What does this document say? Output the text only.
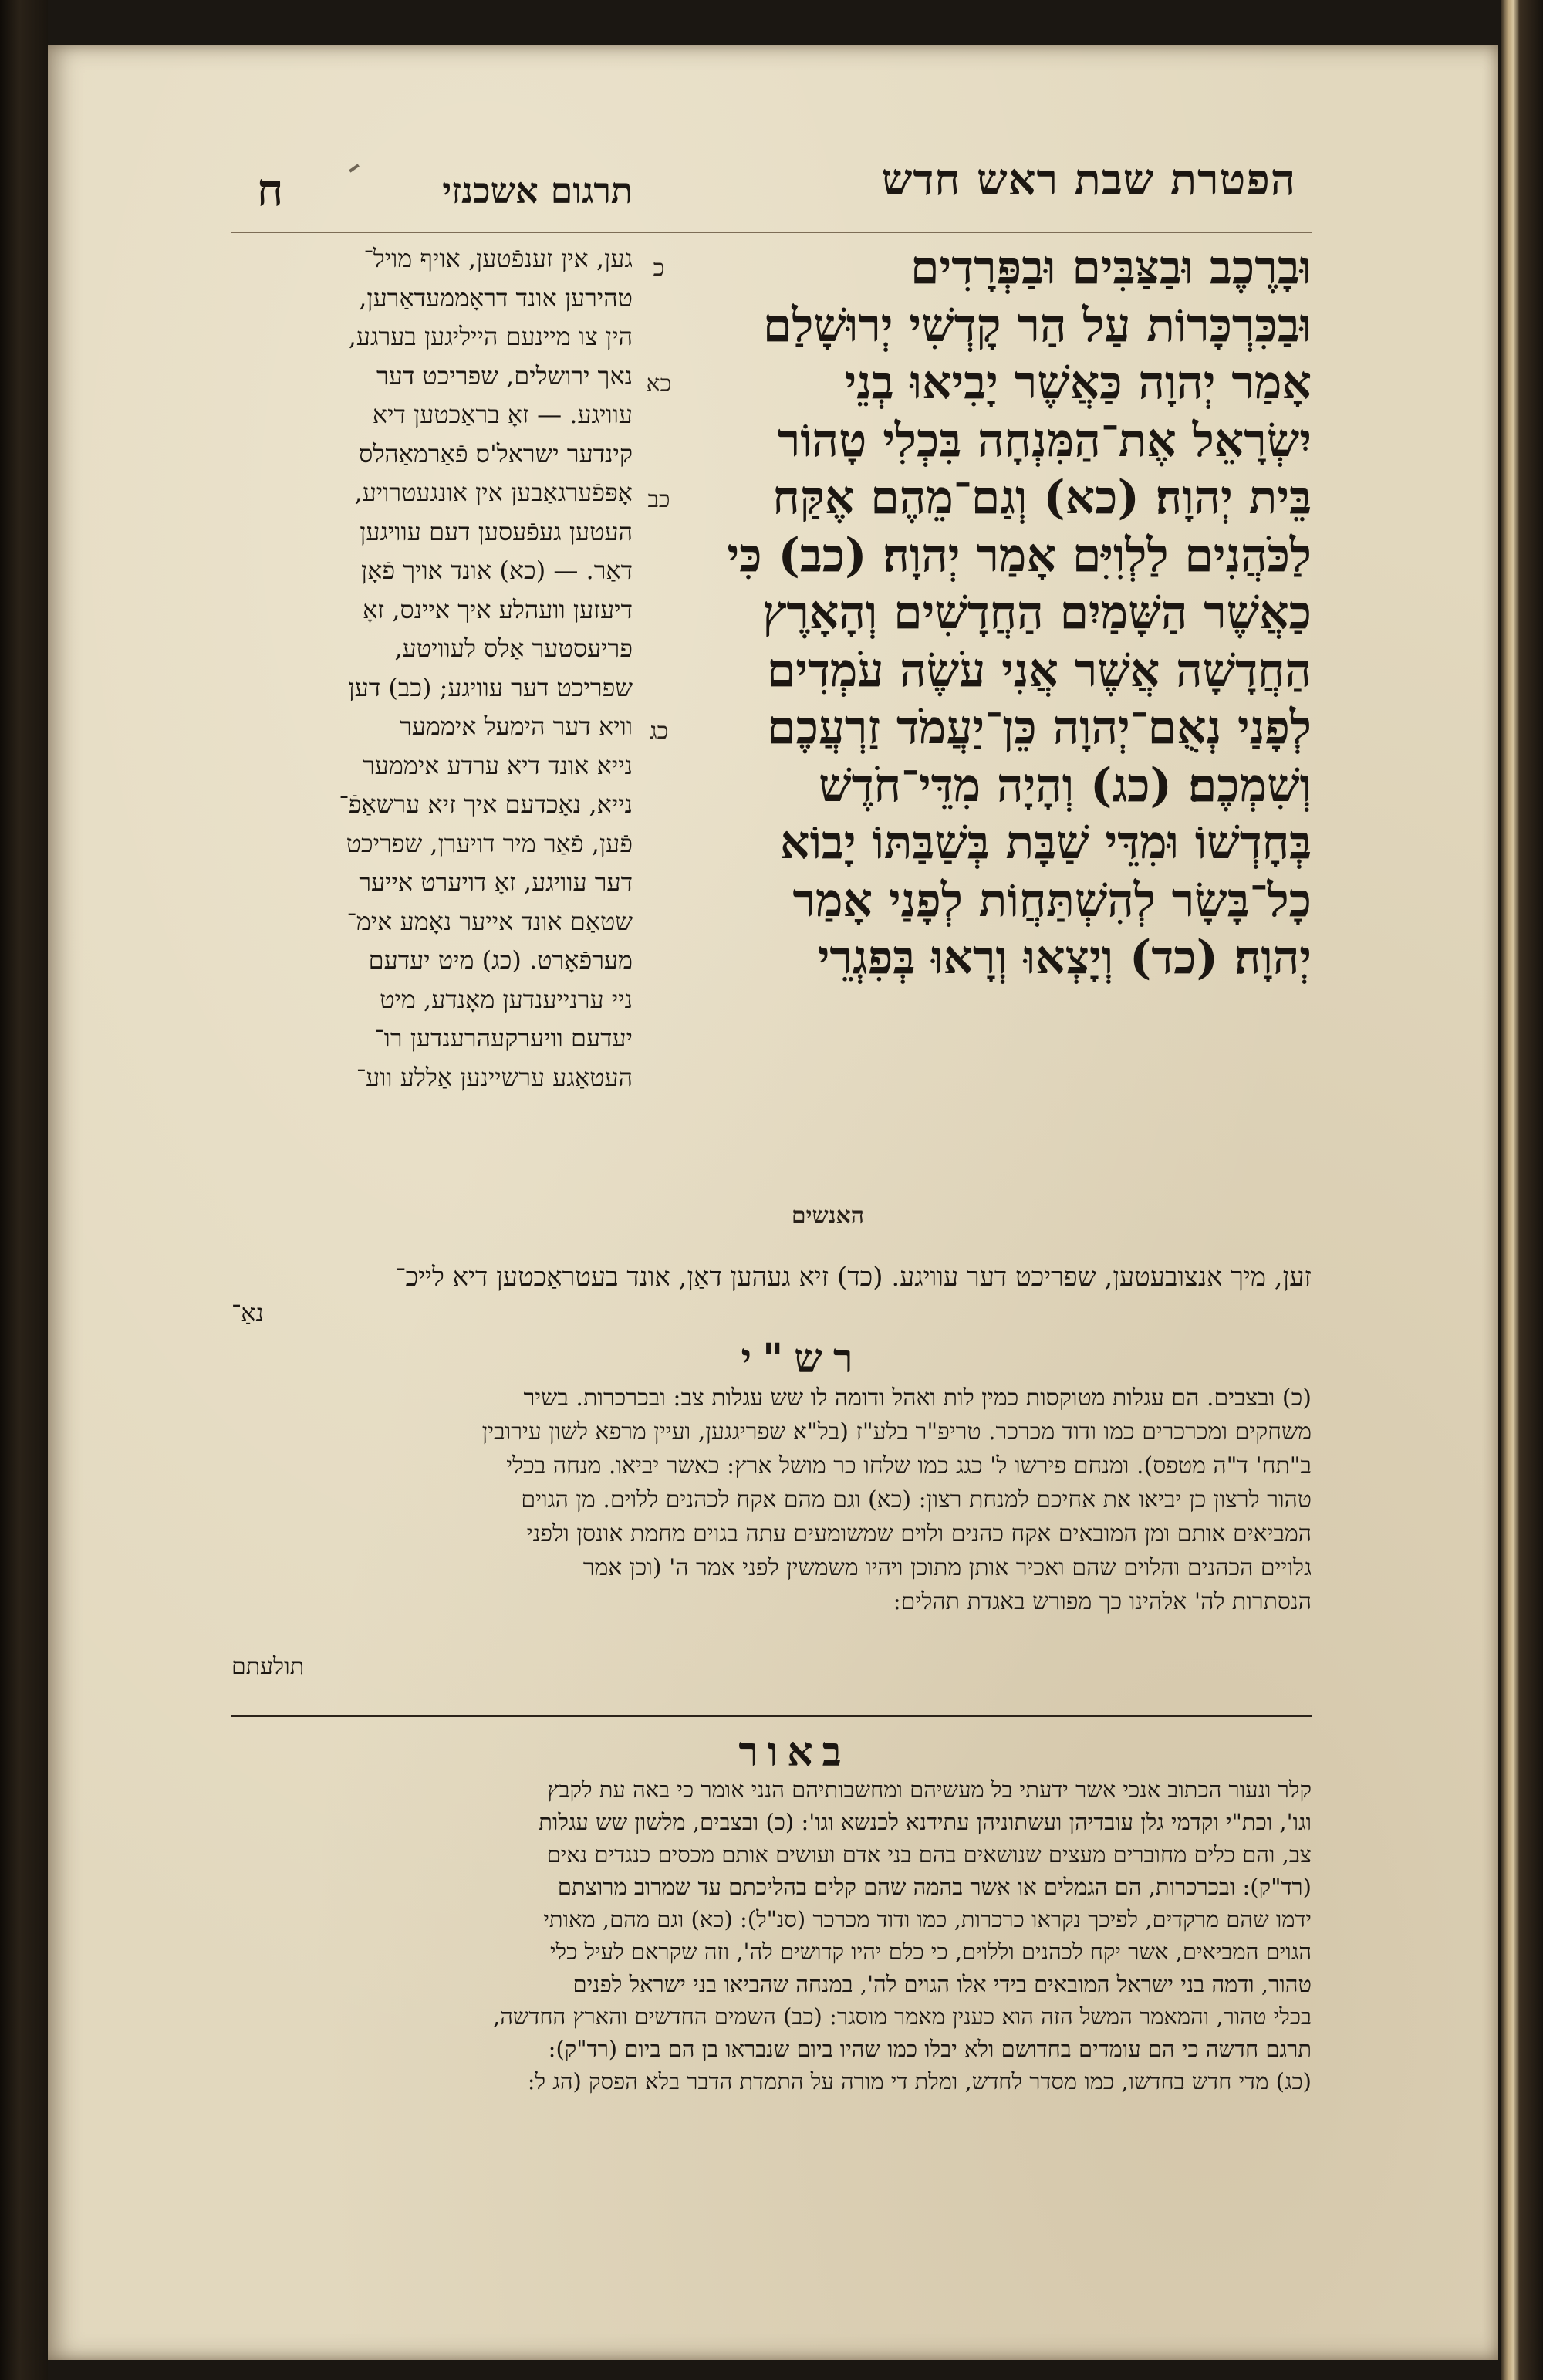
הפטרת שבת ראש חדש
תרגום אשכנזי
ח
וּבָרֶכֶב וּבַצַּבִּים וּבַפְּרָדִים
וּבַכִּרְכָּרוֹת עַל הַר קָדְשִׁי יְרוּשָׁלַם
אָמַר יְהוָה כַּאֲשֶׁר יָבִיאוּ בְנֵי
יִשְׂרָאֵל אֶת־הַמִּנְחָה בִּכְלִי טָהוֹר
בֵּית יְהוָה׃ (כא) וְגַם־מֵהֶם אֶקַּח
לַכֹּהֲנִים לַלְוִיִּם אָמַר יְהוָה׃ (כב) כִּי
כַאֲשֶׁר הַשָּׁמַיִם הַחֲדָשִׁים וְהָאָרֶץ
הַחֲדָשָׁה אֲשֶׁר אֲנִי עֹשֶׂה עֹמְדִים
לְפָנַי נְאֻם־יְהוָה כֵּן־יַעֲמֹד זַרְעֲכֶם
וְשִׁמְכֶם׃ (כג) וְהָיָה מִדֵּי־חֹדֶשׁ
בְּחָדְשׁוֹ וּמִדֵּי שַׁבָּת בְּשַׁבַּתּוֹ יָבוֹא
כָל־בָּשָׂר לְהִשְׁתַּחֲוֹת לְפָנַי אָמַר
יְהוָה׃ (כד) וְיָצְאוּ וְרָאוּ בְּפִגְרֵי
האנשים
כ
כא
כב
כג
גען, אין זענפֿטען, אויף מויל־
טהירען אונד דראָממעדאַרען,
הין צו מיינעם הייליגען בערגע,
נאך ירושלים, שפריכט דער
עוויגע. — זאָ בראַכטען דיא
קינדער ישראל'ס פֿאַרמאַהלס
אָפּפֿערגאַבען אין אונגעטרויע,
העטען געפֿעסען דעם עוויגען
דאַר. — (כא) אונד אויך פֿאָן
דיעזען וועהלע איך איינס, זאָ
פריעסטער אַלס לעוויטע,
שפריכט דער עוויגע; (כב) דען
וויא דער הימעל איממער
נייא אונד דיא ערדע איממער
נייא, נאָכדעם איך זיא ערשאַפֿ־
פֿען, פֿאַר מיר דויערן, שפריכט
דער עוויגע, זאָ דויערט אייער
שטאַם אונד אייער נאָמע אימ־
מערפֿאָרט. (כג) מיט יעדעם
ניי ערנייענדען מאָנדע, מיט
יעדעם וויערקעהרענדען רו־
העטאַגע ערשיינען אַללע ווע־
זען, מיך אנצובעטען, שפריכט דער עוויגע. (כד) זיא געהען דאַן, אונד בעטראַכטען דיא לייכ־
נאַ־
רש"י
(כ) ובצבים. הם עגלות מטוקסות כמין לות ואהל ודומה לו שש עגלות צב: ובכרכרות. בשיר
משחקים ומכרכרים כמו ודוד מכרכר. טריפ"ר בלע"ז (בל"א שפריגגען, ועיין מרפא לשון עירובין
ב"תח' ד"ה מטפס). ומנחם פירשו ל' כגג כמו שלחו כר מושל ארץ: כאשר יביאו. מנחה בכלי
טהור לרצון כן יביאו את אחיכם למנחת רצון: (כא) וגם מהם אקח לכהנים ללוים. מן הגוים
המביאים אותם ומן המובאים אקח כהנים ולוים שמשומעים עתה בגוים מחמת אונסן ולפני
גלויים הכהנים והלוים שהם ואכיר אותן מתוכן ויהיו משמשין לפני אמר ה' (וכן אמר
הנסתרות לה' אלהינו כך מפורש באגדת תהלים:
תולעתם
באור
קלר ונעור הכתוב אנכי אשר ידעתי בל מעשיהם ומחשבותיהם הנני אומר כי באה עת לקבץ
וגו', וכת"י וקדמי גלן עובדיהן ועשתוניהן עתידנא לכנשא וגו': (כ) ובצבים, מלשון שש עגלות
צב, והם כלים מחוברים מעצים שנושאים בהם בני אדם ועושים אותם מכסים כנגדים נאים
(רד"ק): ובכרכרות, הם הגמלים או אשר בהמה שהם קלים בהליכתם עד שמרוב מרוצתם
ידמו שהם מרקדים, לפיכך נקראו כרכרות, כמו ודוד מכרכר (סנ"ל): (כא) וגם מהם, מאותי
הגוים המביאים, אשר יקח לכהנים וללוים, כי כלם יהיו קדושים לה', וזה שקראם לעיל כלי
טהור, ודמה בני ישראל המובאים בידי אלו הגוים לה', במנחה שהביאו בני ישראל לפנים
בכלי טהור, והמאמר המשל הזה הוא כענין מאמר מוסגר: (כב) השמים החדשים והארץ החדשה,
תרגם חדשה כי הם עומדים בחדושם ולא יבלו כמו שהיו ביום שנבראו בן הם ביום (רד"ק):
(כג) מדי חדש בחדשו, כמו מסדר לחדש, ומלת די מורה על התמדת הדבר בלא הפסק (הג ל:
